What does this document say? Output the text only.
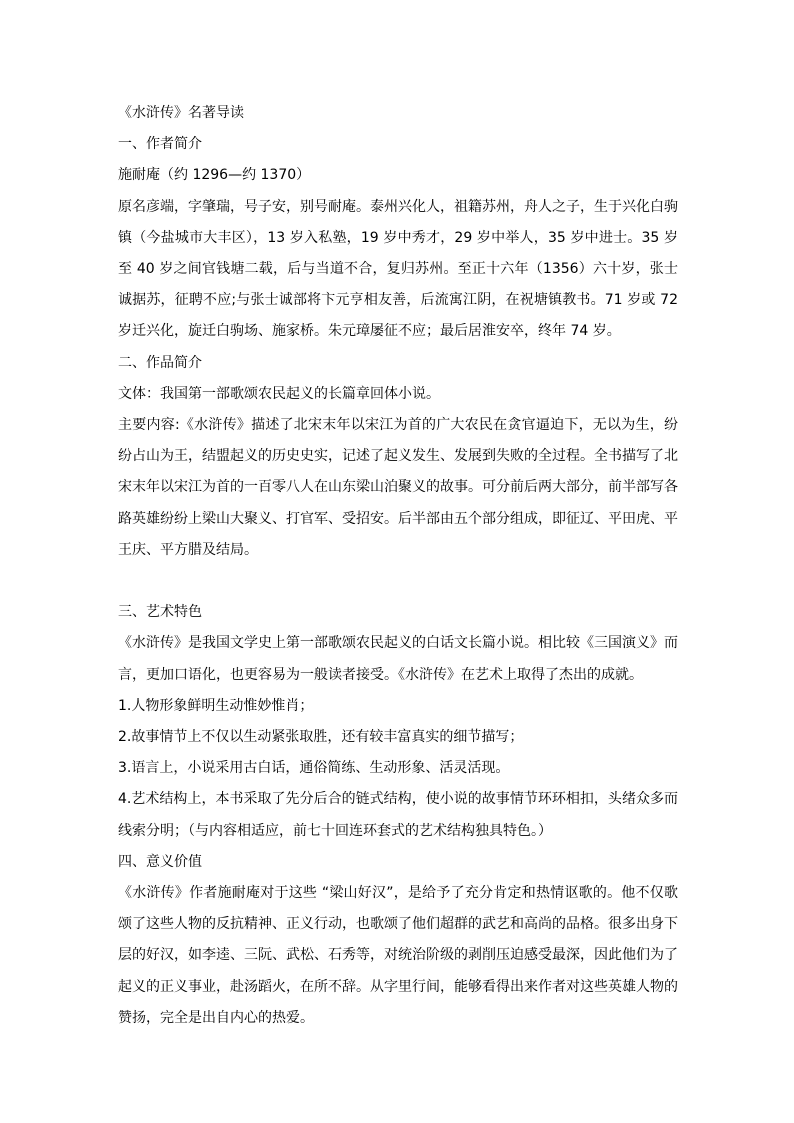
《水浒传》名著导读
一、作者简介
施耐庵（约 1296—约 1370）
原名彦端，字肇瑞，号子安，别号耐庵。泰州兴化人，祖籍苏州，舟人之子，生于兴化白驹镇（今盐城市大丰区），13 岁入私塾，19 岁中秀才，29 岁中举人，35 岁中进士。35 岁至 40 岁之间官钱塘二载，后与当道不合，复归苏州。至正十六年（1356）六十岁，张士诚据苏，征聘不应;与张士诚部将卞元亨相友善，后流寓江阴，在祝塘镇教书。71 岁或 72 岁迁兴化，旋迁白驹场、施家桥。朱元璋屡征不应；最后居淮安卒，终年 74 岁。
二、作品简介
文体：我国第一部歌颂农民起义的长篇章回体小说。
主要内容:《水浒传》描述了北宋末年以宋江为首的广大农民在贪官逼迫下，无以为生，纷纷占山为王，结盟起义的历史史实，记述了起义发生、发展到失败的全过程。全书描写了北宋末年以宋江为首的一百零八人在山东梁山泊聚义的故事。可分前后两大部分，前半部写各路英雄纷纷上梁山大聚义、打官军、受招安。后半部由五个部分组成，即征辽、平田虎、平王庆、平方腊及结局。
三、艺术特色
《水浒传》是我国文学史上第一部歌颂农民起义的白话文长篇小说。相比较《三国演义》而言，更加口语化，也更容易为一般读者接受。《水浒传》在艺术上取得了杰出的成就。
1.人物形象鲜明生动惟妙惟肖；
2.故事情节上不仅以生动紧张取胜，还有较丰富真实的细节描写；
3.语言上，小说采用古白话，通俗简练、生动形象、活灵活现。
4.艺术结构上，本书采取了先分后合的链式结构，使小说的故事情节环环相扣，头绪众多而线索分明；（与内容相适应，前七十回连环套式的艺术结构独具特色。）
四、意义价值
《水浒传》作者施耐庵对于这些 “梁山好汉”，是给予了充分肯定和热情讴歌的。他不仅歌颂了这些人物的反抗精神、正义行动，也歌颂了他们超群的武艺和高尚的品格。很多出身下层的好汉，如李逵、三阮、武松、石秀等，对统治阶级的剥削压迫感受最深，因此他们为了起义的正义事业，赴汤蹈火，在所不辞。从字里行间，能够看得出来作者对这些英雄人物的赞扬，完全是出自内心的热爱。
